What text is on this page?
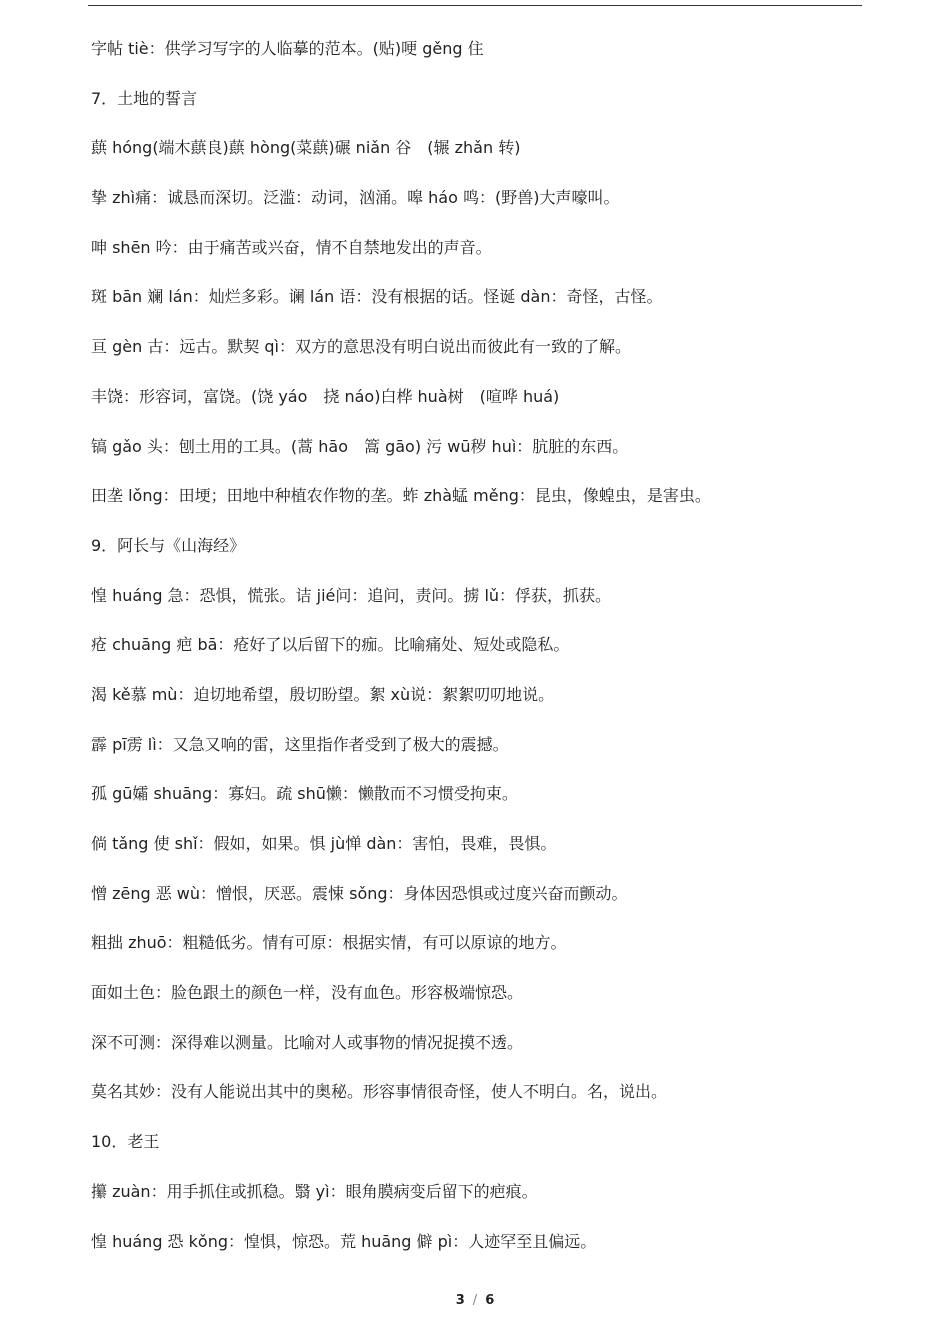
字帖 tiè：供学习写字的人临摹的范本。(贴)哽 gěng 住
7．土地的誓言
蕻 hóng(端木蕻良)蕻 hòng(菜蕻)碾 niǎn 谷　(辗 zhǎn 转)
挚 zhì痛：诚恳而深切。泛滥：动词，汹涌。嗥 háo 鸣：(野兽)大声嚎叫。
呻 shēn 吟：由于痛苦或兴奋，情不自禁地发出的声音。
斑 bān 斓 lán：灿烂多彩。谰 lán 语：没有根据的话。怪诞 dàn：奇怪，古怪。
亘 gèn 古：远古。默契 qì：双方的意思没有明白说出而彼此有一致的了解。
丰饶：形容词，富饶。(饶 yáo　挠 náo)白桦 huà树　(喧哗 huá)
镐 gǎo 头：刨土用的工具。(蒿 hāo　篙 gāo) 污 wū秽 huì：肮脏的东西。
田垄 lǒng：田埂；田地中种植农作物的垄。蚱 zhà蜢 měng：昆虫，像蝗虫，是害虫。
9．阿长与《山海经》
惶 huáng 急：恐惧，慌张。诘 jié问：追问，责问。掳 lǔ：俘获，抓获。
疮 chuāng 疤 bā：疮好了以后留下的痂。比喻痛处、短处或隐私。
渴 kě慕 mù：迫切地希望，殷切盼望。絮 xù说：絮絮叨叨地说。
霹 pī雳 lì：又急又响的雷，这里指作者受到了极大的震撼。
孤 gū孀 shuāng：寡妇。疏 shū懒：懒散而不习惯受拘束。
倘 tǎng 使 shǐ：假如，如果。惧 jù惮 dàn：害怕，畏难，畏惧。
憎 zēng 恶 wù：憎恨，厌恶。震悚 sǒng：身体因恐惧或过度兴奋而颤动。
粗拙 zhuō：粗糙低劣。情有可原：根据实情，有可以原谅的地方。
面如土色：脸色跟土的颜色一样，没有血色。形容极端惊恐。
深不可测：深得难以测量。比喻对人或事物的情况捉摸不透。
莫名其妙：没有人能说出其中的奥秘。形容事情很奇怪，使人不明白。名，说出。
10．老王
攥 zuàn：用手抓住或抓稳。翳 yì：眼角膜病变后留下的疤痕。
惶 huáng 恐 kǒng：惶惧，惊恐。荒 huāng 僻 pì：人迹罕至且偏远。
3 / 6
